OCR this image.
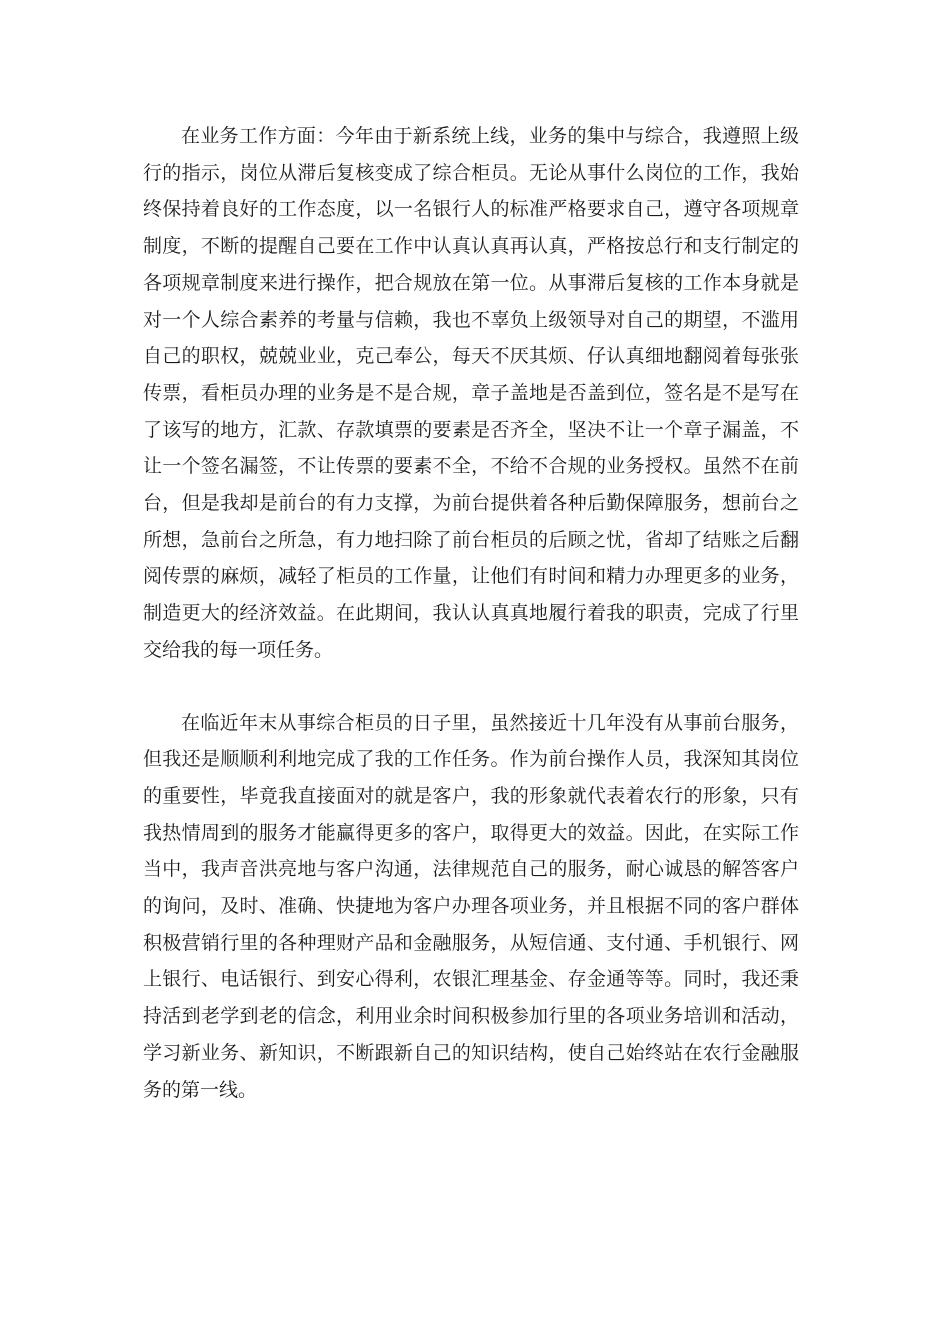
在业务工作方面：今年由于新系统上线，业务的集中与综合，我遵照上级行的指示，岗位从滞后复核变成了综合柜员。无论从事什么岗位的工作，我始终保持着良好的工作态度，以一名银行人的标准严格要求自己，遵守各项规章制度，不断的提醒自己要在工作中认真认真再认真，严格按总行和支行制定的各项规章制度来进行操作，把合规放在第一位。从事滞后复核的工作本身就是对一个人综合素养的考量与信赖，我也不辜负上级领导对自己的期望，不滥用自己的职权，兢兢业业，克己奉公，每天不厌其烦、仔认真细地翻阅着每张张传票，看柜员办理的业务是不是合规，章子盖地是否盖到位，签名是不是写在了该写的地方，汇款、存款填票的要素是否齐全，坚决不让一个章子漏盖，不让一个签名漏签，不让传票的要素不全，不给不合规的业务授权。虽然不在前台，但是我却是前台的有力支撑，为前台提供着各种后勤保障服务，想前台之所想，急前台之所急，有力地扫除了前台柜员的后顾之忧，省却了结账之后翻阅传票的麻烦，减轻了柜员的工作量，让他们有时间和精力办理更多的业务，制造更大的经济效益。在此期间，我认认真真地履行着我的职责，完成了行里交给我的每一项任务。

在临近年末从事综合柜员的日子里，虽然接近十几年没有从事前台服务，但我还是顺顺利利地完成了我的工作任务。作为前台操作人员，我深知其岗位的重要性，毕竟我直接面对的就是客户，我的形象就代表着农行的形象，只有我热情周到的服务才能赢得更多的客户，取得更大的效益。因此，在实际工作当中，我声音洪亮地与客户沟通，法律规范自己的服务，耐心诚恳的解答客户的询问，及时、准确、快捷地为客户办理各项业务，并且根据不同的客户群体积极营销行里的各种理财产品和金融服务，从短信通、支付通、手机银行、网上银行、电话银行、到安心得利，农银汇理基金、存金通等等。同时，我还秉持活到老学到老的信念，利用业余时间积极参加行里的各项业务培训和活动，学习新业务、新知识，不断跟新自己的知识结构，使自己始终站在农行金融服务的第一线。
